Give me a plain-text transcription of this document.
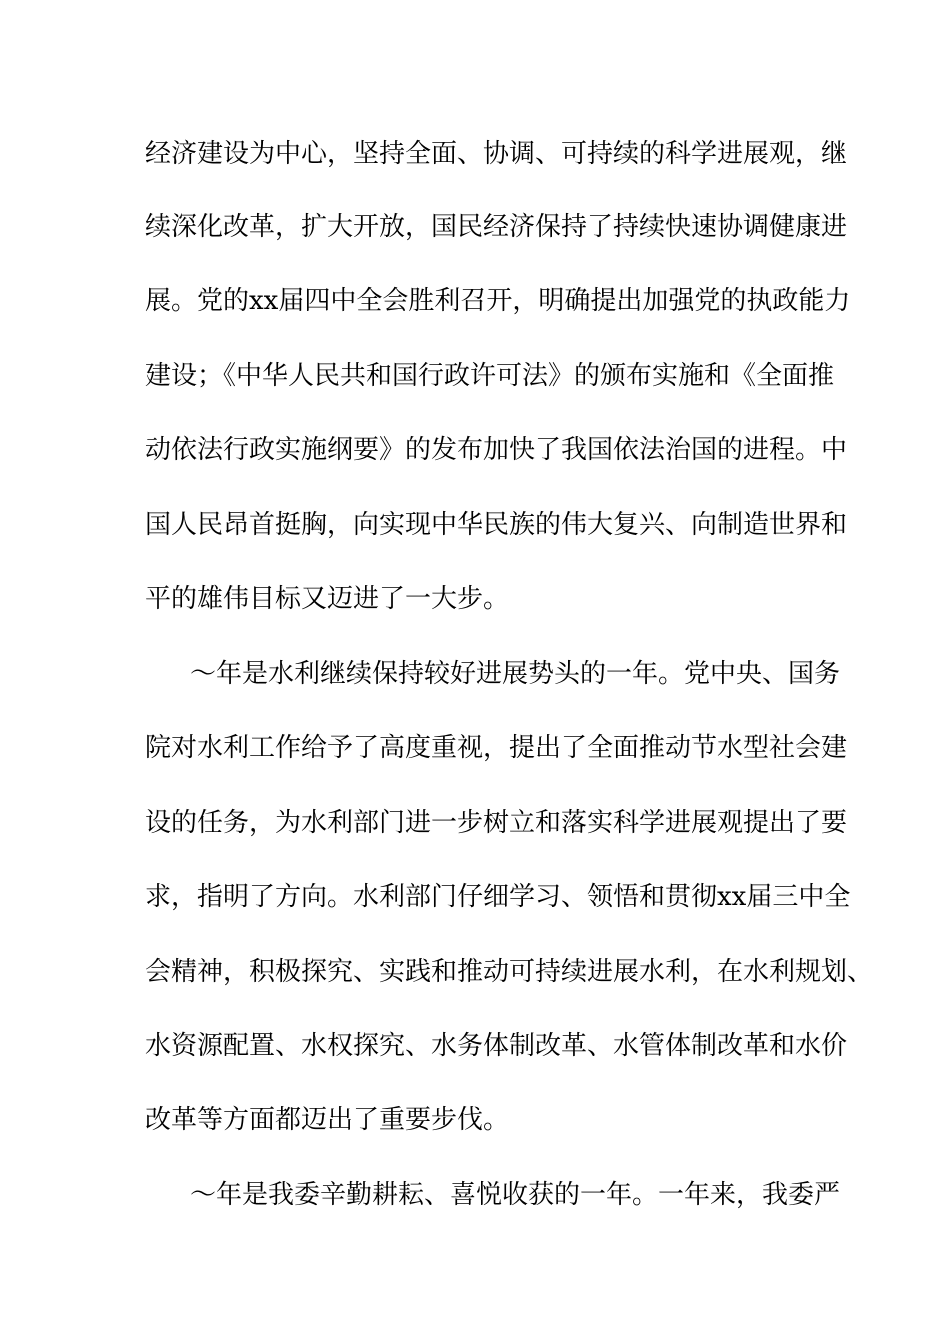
经济建设为中心，坚持全面、协调、可持续的科学进展观，继
续深化改革，扩大开放，国民经济保持了持续快速协调健康进
展。党的xx届四中全会胜利召开，明确提出加强党的执政能力
建设；《中华人民共和国行政许可法》的颁布实施和《全面推
动依法行政实施纲要》的发布加快了我国依法治国的进程。中
国人民昂首挺胸，向实现中华民族的伟大复兴、向制造世界和
平的雄伟目标又迈进了一大步。
～年是水利继续保持较好进展势头的一年。党中央、国务
院对水利工作给予了高度重视，提出了全面推动节水型社会建
设的任务，为水利部门进一步树立和落实科学进展观提出了要
求，指明了方向。水利部门仔细学习、领悟和贯彻xx届三中全
会精神，积极探究、实践和推动可持续进展水利，在水利规划、
水资源配置、水权探究、水务体制改革、水管体制改革和水价
改革等方面都迈出了重要步伐。
～年是我委辛勤耕耘、喜悦收获的一年。一年来，我委严
